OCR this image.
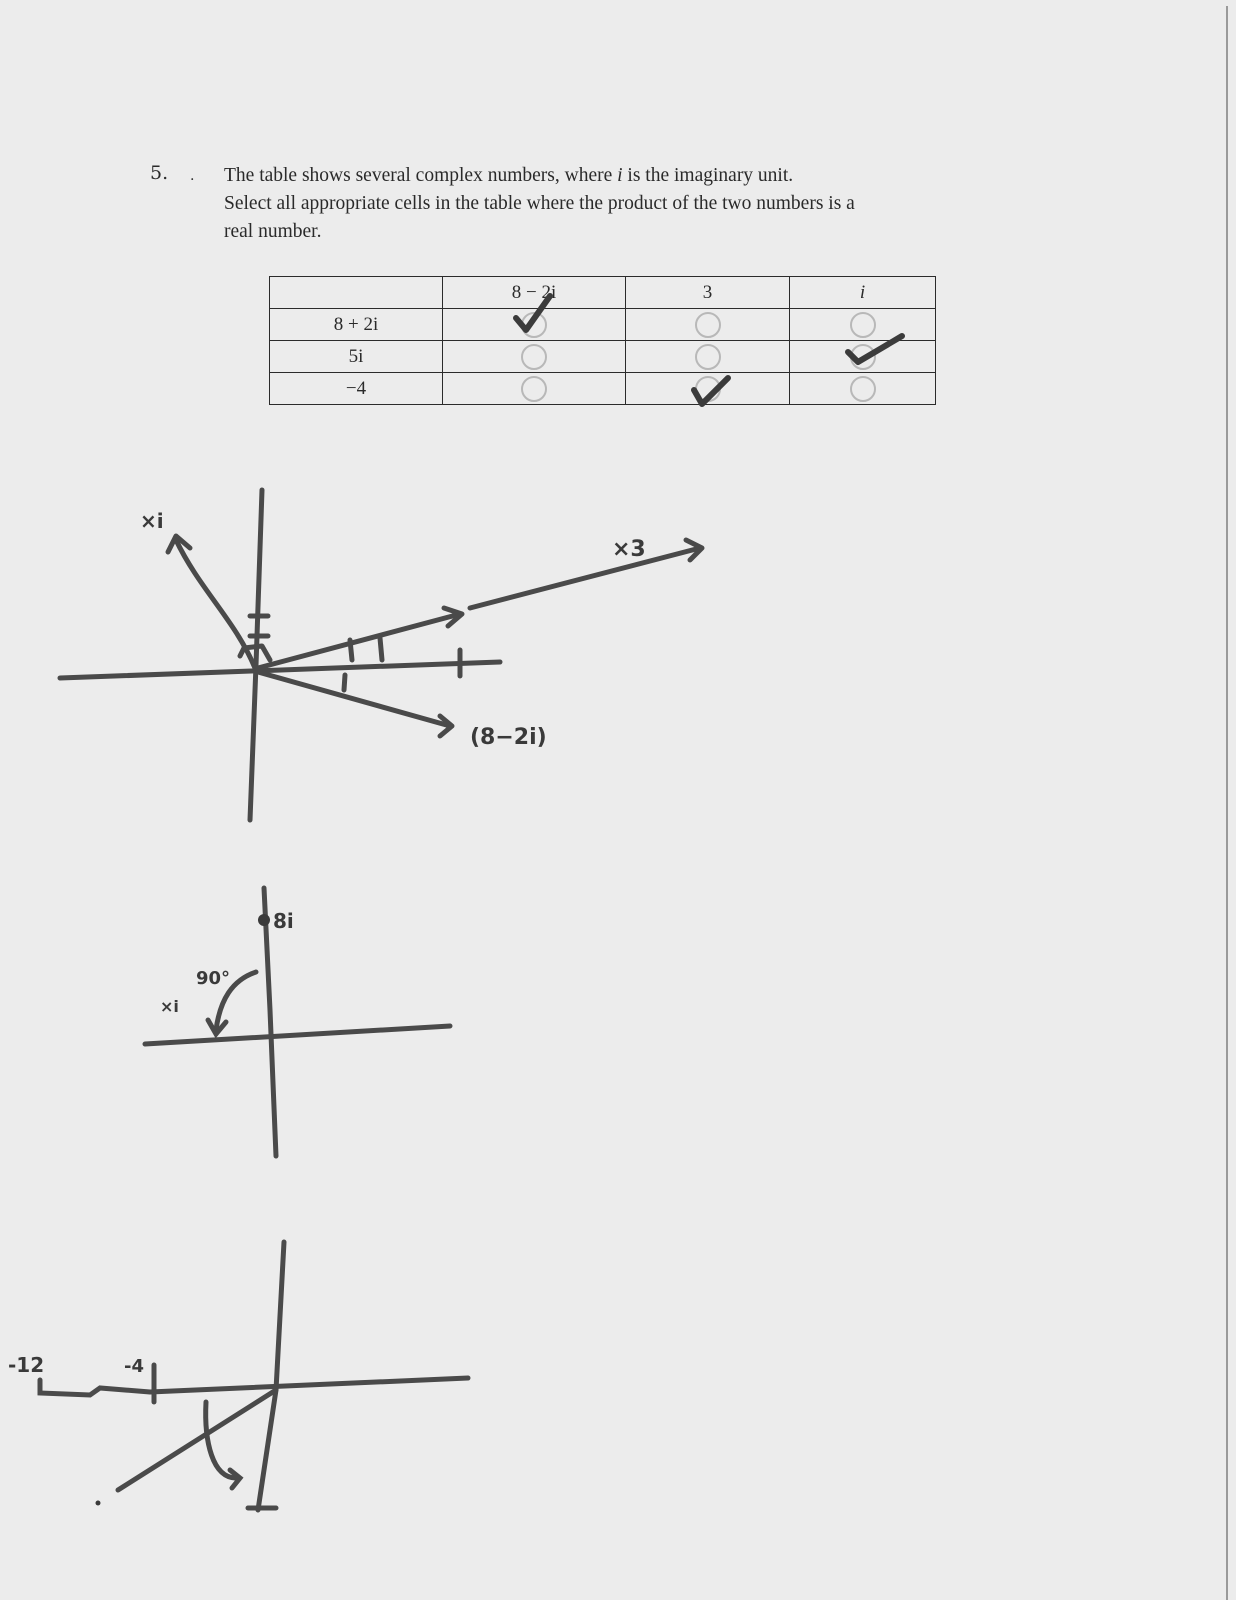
5. . The table shows several complex numbers, where i is the imaginary unit.
Select all appropriate cells in the table where the product of the two numbers is a
real number.
	8 − 2i	3	i
8 + 2i			
5i			
−4			
×i
×3
(8−2i)
8i
×i
90°
-12	-4
